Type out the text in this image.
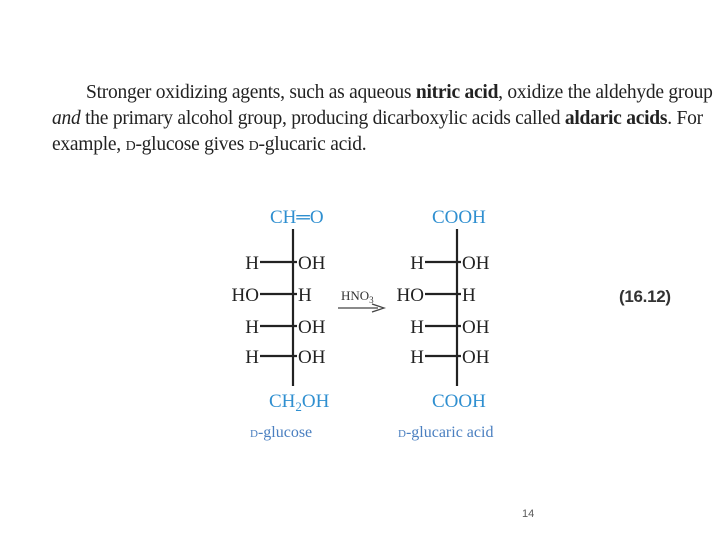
Stronger oxidizing agents, such as aqueous nitric acid, oxidize the aldehyde group
and the primary alcohol group, producing dicarboxylic acids called aldaric acids. For
example, d-glucose gives d-glucaric acid.
CH═O
H OH
HO H
H OH
H OH
$CH_2OH$
d-glucose
$HNO_3$
COOH
H OH
HO H
H OH
H OH
COOH
d-glucaric acid
(16.12)
14
